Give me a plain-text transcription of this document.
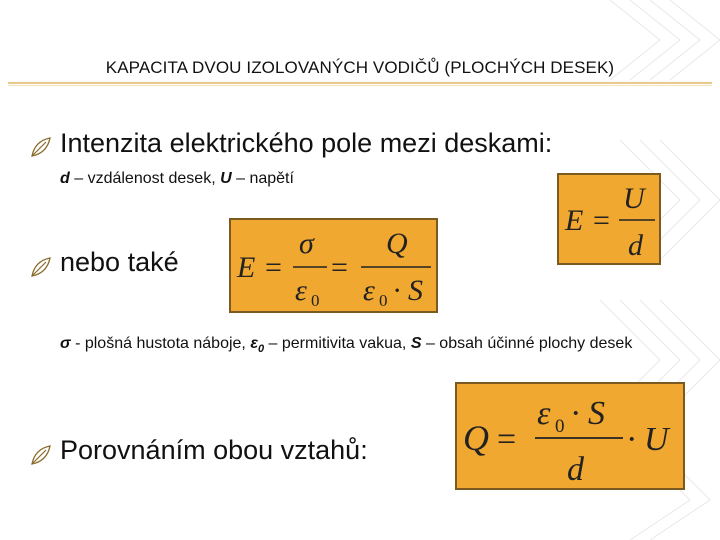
KAPACITA DVOU IZOLOVANÝCH VODIČŮ (PLOCHÝCH DESEK)
Intenzita elektrického pole mezi deskami:
d – vzdálenost desek, U – napětí
E =
U
d
nebo také E =
σ
ε 0
=
Q
ε 0 · S
σ - plošná hustota náboje, $\varepsilon_0$ – permitivita vakua, S – obsah účinné plochy desek
Porovnáním obou vztahů:	Q =
ε 0 · S
d
· U
